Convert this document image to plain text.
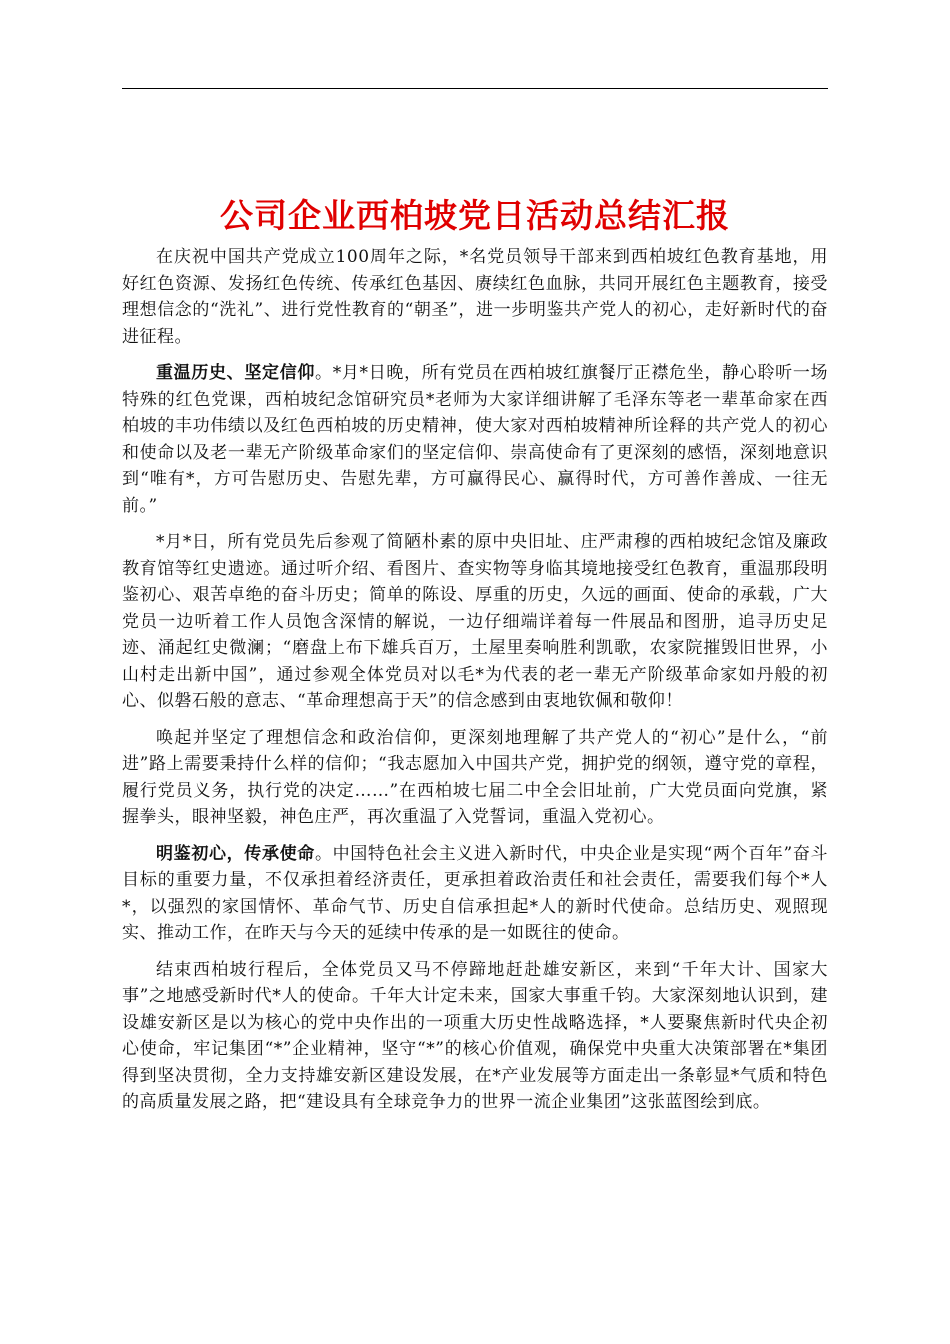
公司企业西柏坡党日活动总结汇报

在庆祝中国共产党成立100周年之际，*名党员领导干部来到西柏坡红色教育基地，用好红色资源、发扬红色传统、传承红色基因、赓续红色血脉，共同开展红色主题教育，接受理想信念的“洗礼”、进行党性教育的“朝圣”，进一步明鉴共产党人的初心，走好新时代的奋进征程。

重温历史、坚定信仰。*月*日晚，所有党员在西柏坡红旗餐厅正襟危坐，静心聆听一场特殊的红色党课，西柏坡纪念馆研究员*老师为大家详细讲解了毛泽东等老一辈革命家在西柏坡的丰功伟绩以及红色西柏坡的历史精神，使大家对西柏坡精神所诠释的共产党人的初心和使命以及老一辈无产阶级革命家们的坚定信仰、崇高使命有了更深刻的感悟，深刻地意识到“唯有*，方可告慰历史、告慰先辈，方可赢得民心、赢得时代，方可善作善成、一往无前。”

*月*日，所有党员先后参观了简陋朴素的原中央旧址、庄严肃穆的西柏坡纪念馆及廉政教育馆等红史遗迹。通过听介绍、看图片、查实物等身临其境地接受红色教育，重温那段明鉴初心、艰苦卓绝的奋斗历史；简单的陈设、厚重的历史，久远的画面、使命的承载，广大党员一边听着工作人员饱含深情的解说，一边仔细端详着每一件展品和图册，追寻历史足迹、涌起红史微澜；“磨盘上布下雄兵百万，土屋里奏响胜利凯歌，农家院摧毁旧世界，小山村走出新中国”，通过参观全体党员对以毛*为代表的老一辈无产阶级革命家如丹般的初心、似磐石般的意志、“革命理想高于天”的信念感到由衷地钦佩和敬仰！

唤起并坚定了理想信念和政治信仰，更深刻地理解了共产党人的“初心”是什么，“前进”路上需要秉持什么样的信仰；“我志愿加入中国共产党，拥护党的纲领，遵守党的章程，履行党员义务，执行党的决定……”在西柏坡七届二中全会旧址前，广大党员面向党旗，紧握拳头，眼神坚毅，神色庄严，再次重温了入党誓词，重温入党初心。

明鉴初心，传承使命。中国特色社会主义进入新时代，中央企业是实现“两个百年”奋斗目标的重要力量，不仅承担着经济责任，更承担着政治责任和社会责任，需要我们每个*人*，以强烈的家国情怀、革命气节、历史自信承担起*人的新时代使命。总结历史、观照现实、推动工作，在昨天与今天的延续中传承的是一如既往的使命。

结束西柏坡行程后，全体党员又马不停蹄地赶赴雄安新区，来到“千年大计、国家大事”之地感受新时代*人的使命。千年大计定未来，国家大事重千钧。大家深刻地认识到，建设雄安新区是以为核心的党中央作出的一项重大历史性战略选择，*人要聚焦新时代央企初心使命，牢记集团“*”企业精神，坚守“*”的核心价值观，确保党中央重大决策部署在*集团得到坚决贯彻，全力支持雄安新区建设发展，在*产业发展等方面走出一条彰显*气质和特色的高质量发展之路，把“建设具有全球竞争力的世界一流企业集团”这张蓝图绘到底。
